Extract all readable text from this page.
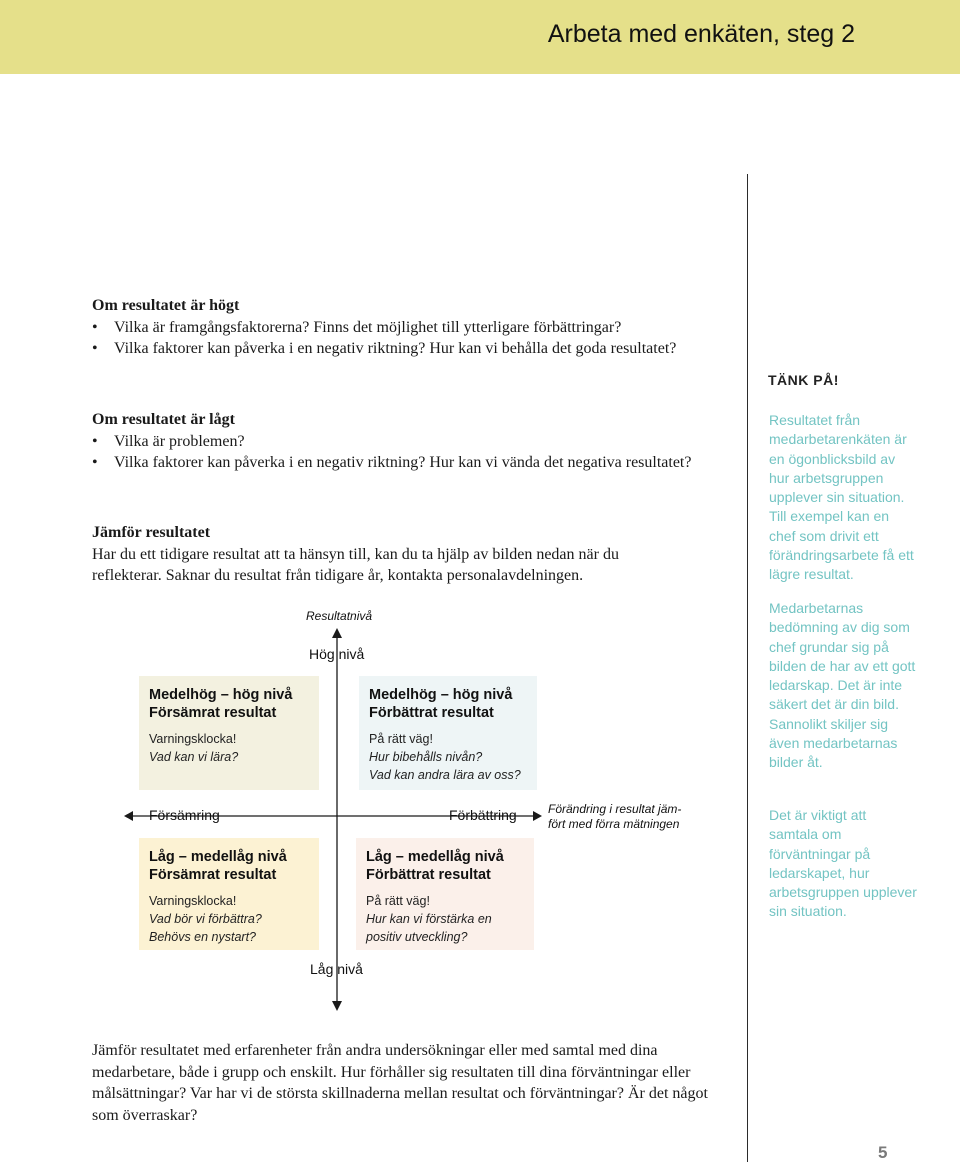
Arbeta med enkäten, steg 2
Om resultatet är högt
• Vilka är framgångsfaktorerna? Finns det möjlighet till ytterligare förbättringar?
• Vilka faktorer kan påverka i en negativ riktning? Hur kan vi behålla det goda resultatet?
Om resultatet är lågt
• Vilka är problemen?
• Vilka faktorer kan påverka i en negativ riktning? Hur kan vi vända det negativa resultatet?
Jämför resultatet

Har du ett tidigare resultat att ta hänsyn till, kan du ta hjälp av bilden nedan när du reflekterar. Saknar du resultat från tidigare år, kontakta personalavdelningen.

TÄNK PÅ!
Resultatet från medarbetarenkäten är en ögonblicksbild av hur arbetsgruppen upplever sin situation. Till exempel kan en chef som drivit ett förändringsarbete få ett lägre resultat.
Medarbetarnas bedömning av dig som chef grundar sig på bilden de har av ett gott ledarskap. Det är inte säkert det är din bild. Sannolikt skiljer sig även medarbetarnas bilder åt.
Det är viktigt att samtala om förväntningar på ledarskapet, hur arbetsgruppen upplever sin situation.
Resultatnivå
Hög nivå
Låg nivå
Försämring	Förbättring	Förändring i resultat jäm-
fört med förra mätningen
Medelhög – hög nivå
Försämrat resultat
Varningsklocka!
Vad kan vi lära?
Medelhög – hög nivå
Förbättrat resultat
På rätt väg!
Hur bibehålls nivån?
Vad kan andra lära av oss?
Låg – medellåg nivå
Försämrat resultat
Varningsklocka!
Vad bör vi förbättra?
Behövs en nystart?
Låg – medellåg nivå
Förbättrat resultat
På rätt väg!
Hur kan vi förstärka en
positiv utveckling?
Jämför resultatet med erfarenheter från andra undersökningar eller med samtal med dina medarbetare, både i grupp och enskilt. Hur förhåller sig resultaten till dina förväntningar eller målsättningar? Var har vi de största skillnaderna mellan resultat och förväntningar? Är det något som överraskar?
5
